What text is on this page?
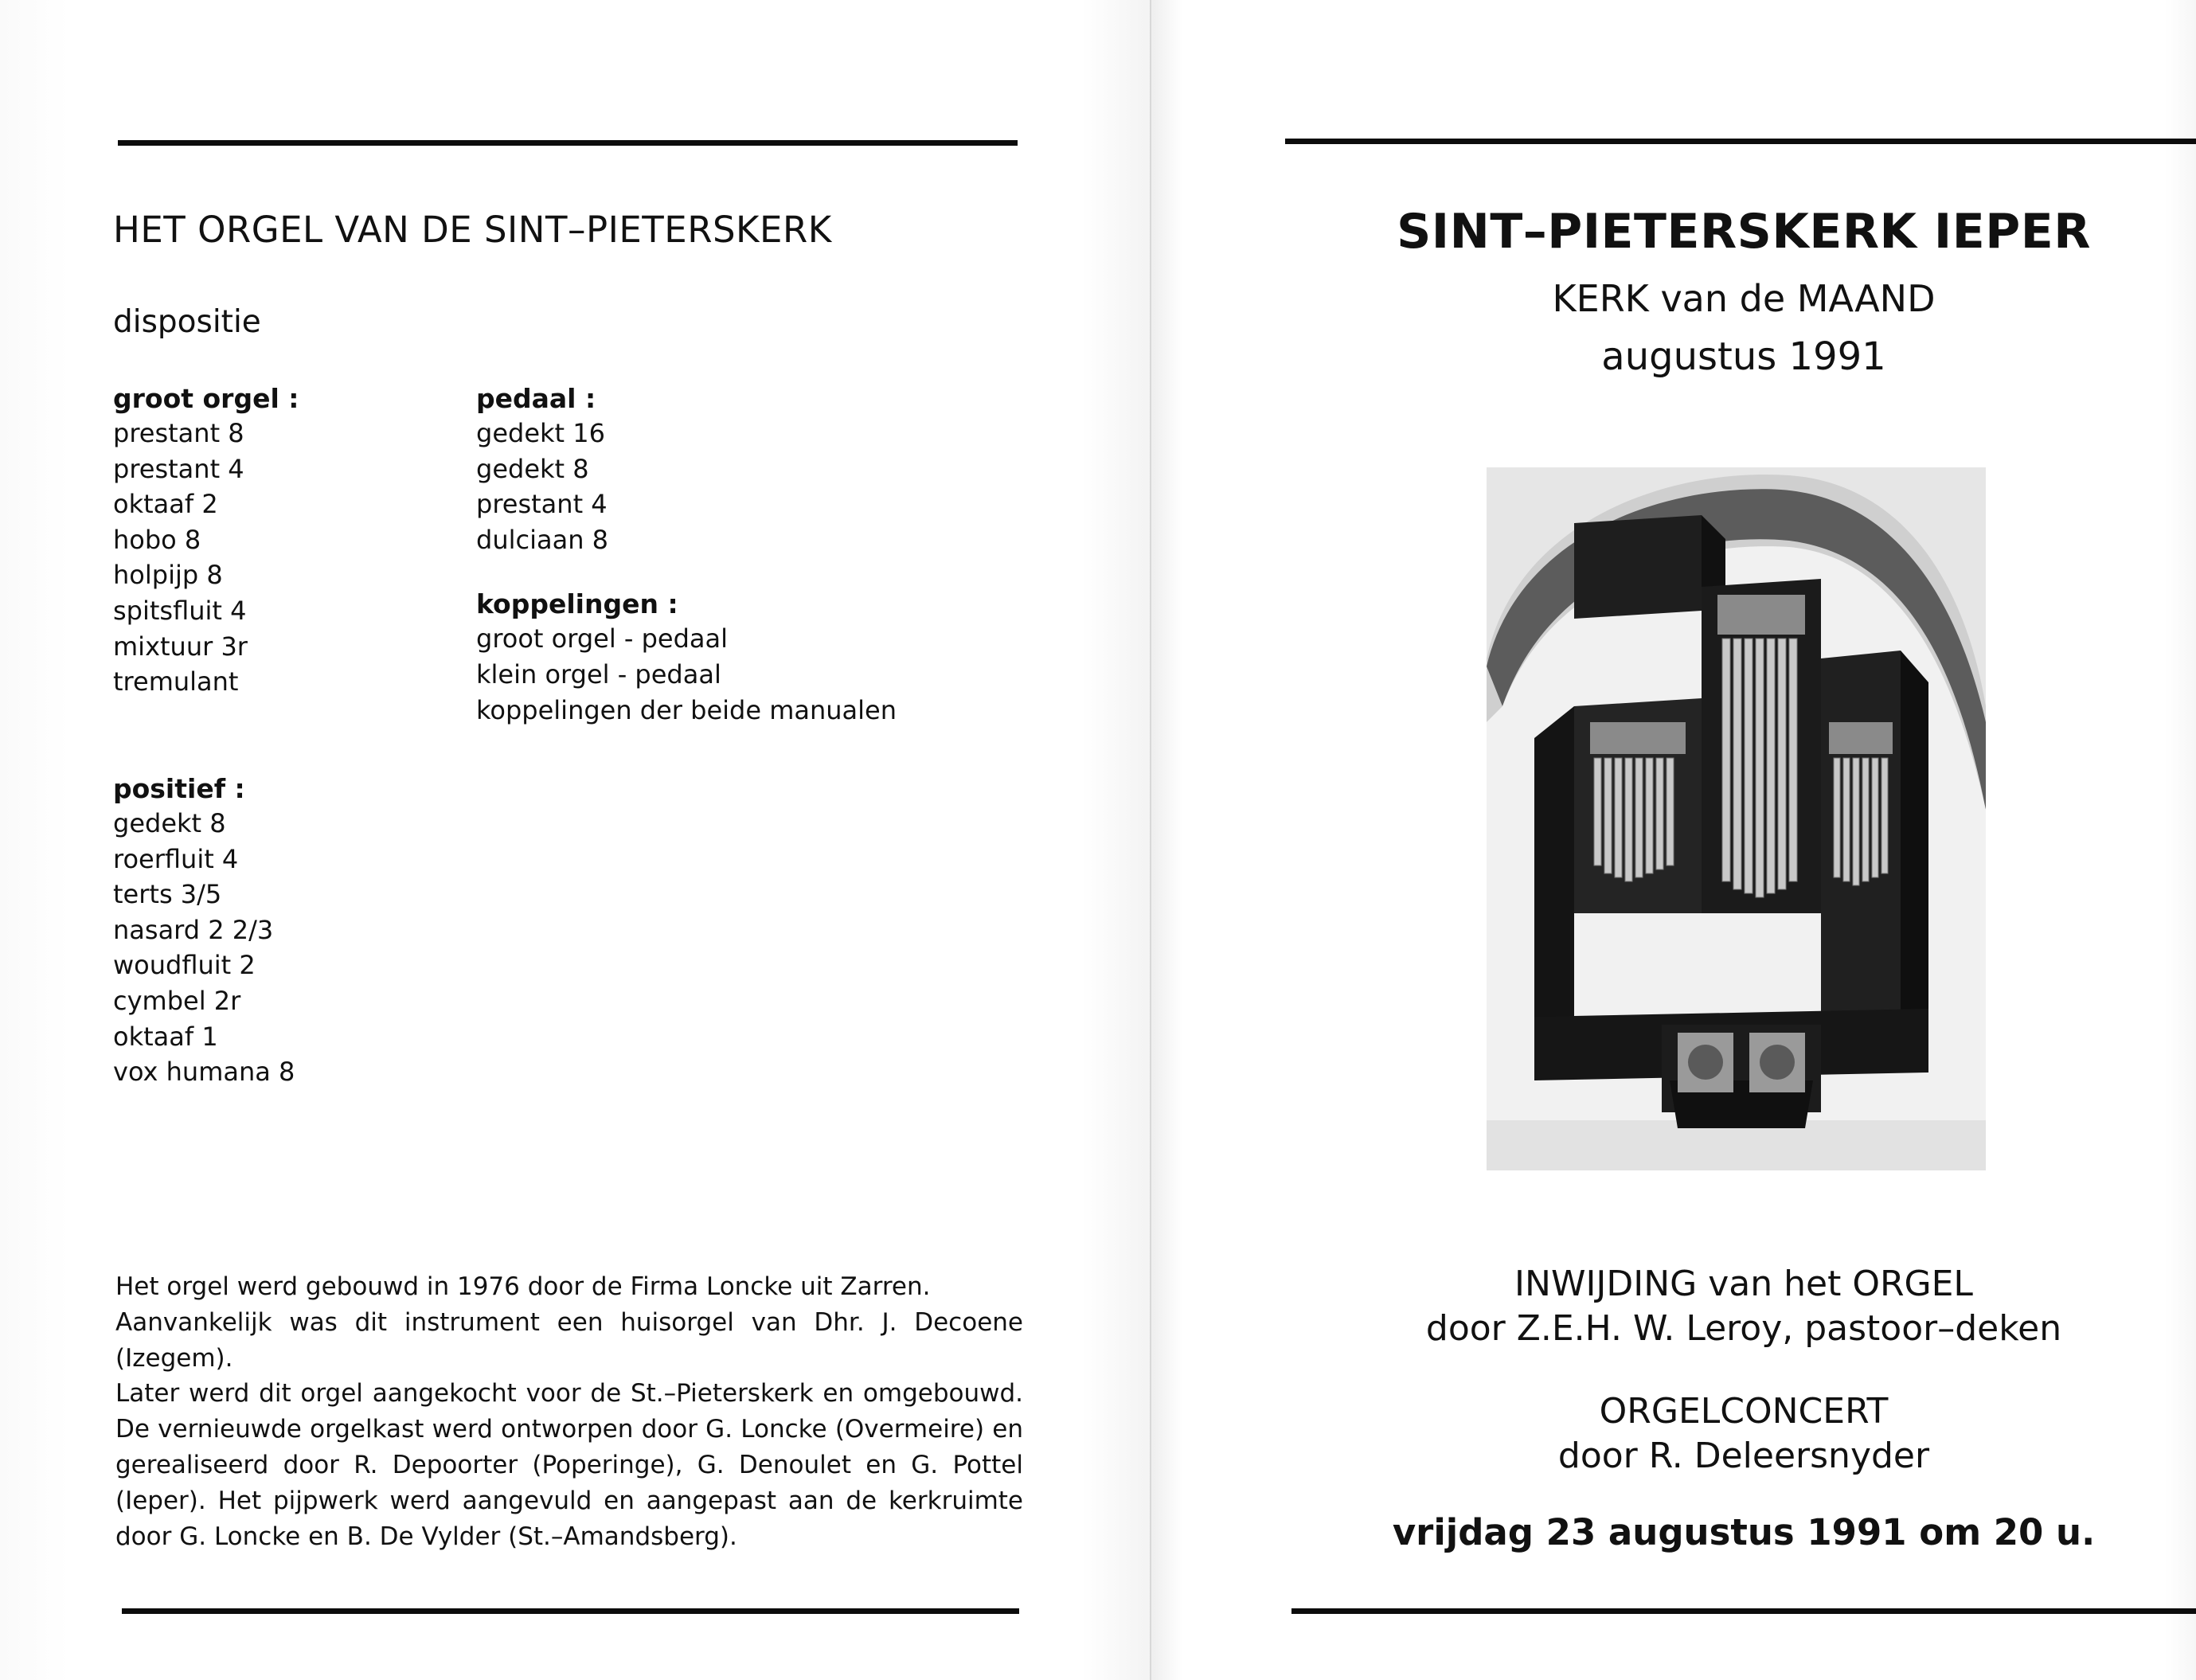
HET ORGEL VAN DE SINT–PIETERSKERK
dispositie
groot orgel :
prestant 8
prestant 4
oktaaf 2
hobo 8
holpijp 8
spitsfluit 4
mixtuur 3r
tremulant
pedaal :
gedekt 16
gedekt 8
prestant 4
dulciaan 8
koppelingen :
groot orgel - pedaal
klein orgel - pedaal
koppelingen der beide manualen
positief :
gedekt 8
roerfluit 4
terts 3/5
nasard 2 2/3
woudfluit 2
cymbel 2r
oktaaf 1
vox humana 8

Het orgel werd gebouwd in 1976 door de Firma Loncke uit Zarren.

Aanvankelijk was dit instrument een huisorgel van Dhr. J. Decoene (Izegem).

Later werd dit orgel aangekocht voor de St.–Pieterskerk en omgebouwd. De vernieuwde orgelkast werd ontworpen door G. Loncke (Overmeire) en gerealiseerd door R. Depoorter (Poperinge), G. Denoulet en G. Pottel (Ieper). Het pijpwerk werd aangevuld en aangepast aan de kerkruimte door G. Loncke en B. De Vylder (St.–Amandsberg).

SINT–PIETERSKERK IEPER
KERK van de MAAND
augustus 1991
INWIJDING van het ORGEL
door Z.E.H. W. Leroy, pastoor–deken
ORGELCONCERT
door R. Deleersnyder
vrijdag 23 augustus 1991 om 20 u.
